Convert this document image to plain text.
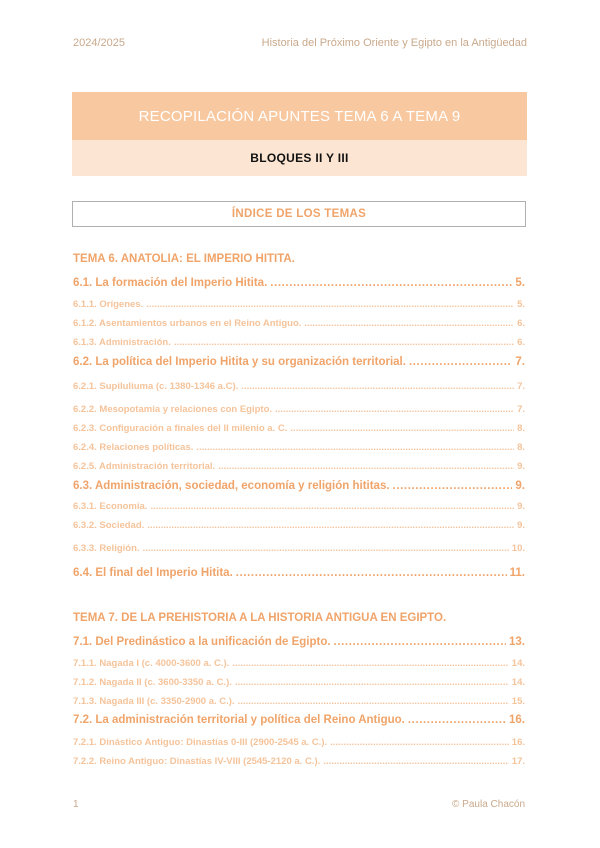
2024/2025	Historia del Próximo Oriente y Egipto en la Antigüedad
RECOPILACIÓN APUNTES TEMA 6 A TEMA 9
BLOQUES II Y III
ÍNDICE DE LOS TEMAS
TEMA 6. ANATOLIA: EL IMPERIO HITITA.
6.1. La formación del Imperio Hitita. . . .	5.
6.1.1. Orígenes. . . .	5.
6.1.2. Asentamientos urbanos en el Reino Antiguo. . . .	6.
6.1.3. Administración. . . .	6.
6.2. La política del Imperio Hitita y su organización territorial. . . .	7.
6.2.1. Supiluliuma (c. 1380-1346 a.C). . . .	7.
6.2.2. Mesopotamia y relaciones con Egipto. . . .	7.
6.2.3. Configuración a finales del II milenio a. C. . . .	8.
6.2.4. Relaciones políticas. . . .	8.
6.2.5. Administración territorial. . . .	9.
6.3. Administración, sociedad, economía y religión hititas. . . .	9.
6.3.1. Economía. . . .	9.
6.3.2. Sociedad. . . .	9.
6.3.3. Religión. . . .	10.
6.4. El final del Imperio Hitita. . . .	11.
TEMA 7. DE LA PREHISTORIA A LA HISTORIA ANTIGUA EN EGIPTO.
7.1. Del Predinástico a la unificación de Egipto. . . .	13.
7.1.1. Nagada I (c. 4000-3600 a. C.). . . .	14.
7.1.2. Nagada II (c. 3600-3350 a. C.). . . .	14.
7.1.3. Nagada III (c. 3350-2900 a. C.). . . .	15.
7.2. La administración territorial y política del Reino Antiguo. . . .	16.
7.2.1. Dinástico Antiguo: Dinastías 0-III (2900-2545 a. C.). . . .	16.
7.2.2. Reino Antiguo: Dinastías IV-VIII (2545-2120 a. C.). . . .	17.
1	© Paula Chacón
